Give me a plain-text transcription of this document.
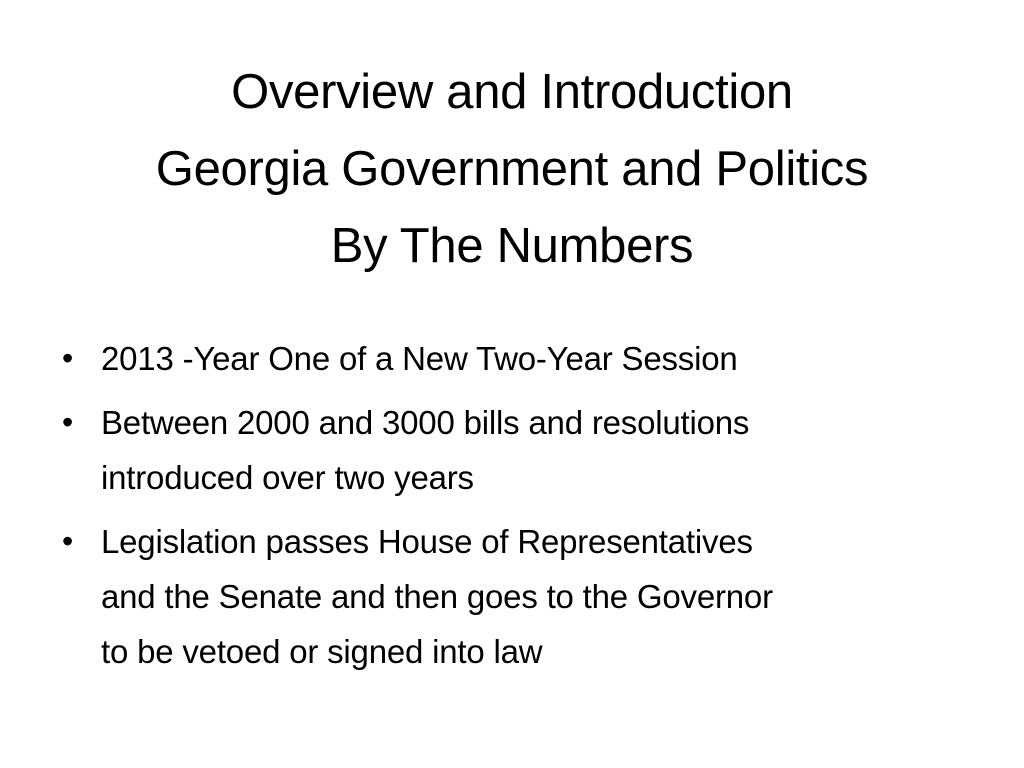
Overview and Introduction
Georgia Government and Politics
By The Numbers
• 2013 -Year One of a New Two-Year Session
• Between 2000 and 3000 bills and resolutions
introduced over two years
• Legislation passes House of Representatives
and the Senate and then goes to the Governor
to be vetoed or signed into law
